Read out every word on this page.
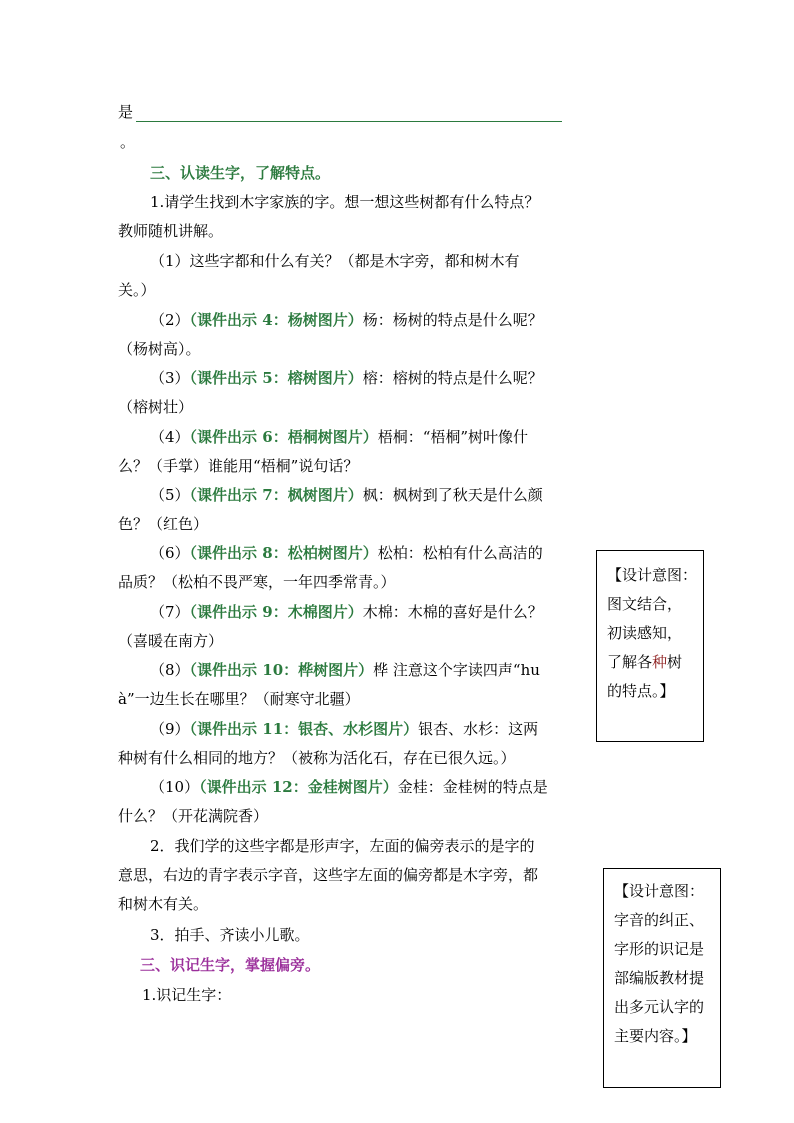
是
。
三、认读生字，了解特点。
1.请学生找到木字家族的字。想一想这些树都有什么特点？
教师随机讲解。
（1）这些字都和什么有关？（都是木字旁，都和树木有
关。）
（2）（课件出示 4：杨树图片）杨：杨树的特点是什么呢？
（杨树高）。
（3）（课件出示 5：榕树图片）榕：榕树的特点是什么呢？
（榕树壮）
（4）（课件出示 6：梧桐树图片）梧桐：“梧桐”树叶像什
么？（手掌）谁能用“梧桐”说句话？
（5）（课件出示 7：枫树图片）枫：枫树到了秋天是什么颜
色？（红色）
（6）（课件出示 8：松柏树图片）松柏：松柏有什么高洁的
品质？（松柏不畏严寒，一年四季常青。）
（7）（课件出示 9：木棉图片）木棉：木棉的喜好是什么？
（喜暖在南方）
（8）（课件出示 10：桦树图片）桦 注意这个字读四声“hu
à”一边生长在哪里？（耐寒守北疆）
（9）（课件出示 11：银杏、水杉图片）银杏、水杉：这两
种树有什么相同的地方？（被称为活化石，存在已很久远。）
（10）（课件出示 12：金桂树图片）金桂：金桂树的特点是
什么？（开花满院香）
2．我们学的这些字都是形声字，左面的偏旁表示的是字的
意思，右边的青字表示字音，这些字左面的偏旁都是木字旁，都
和树木有关。
3．拍手、齐读小儿歌。
三、识记生字，掌握偏旁。
1.识记生字：
【设计意图：
图文结合，
初读感知，
了解各种树
的特点。】
【设计意图：
字音的纠正、
字形的识记是
部编版教材提
出多元认字的
主要内容。】
